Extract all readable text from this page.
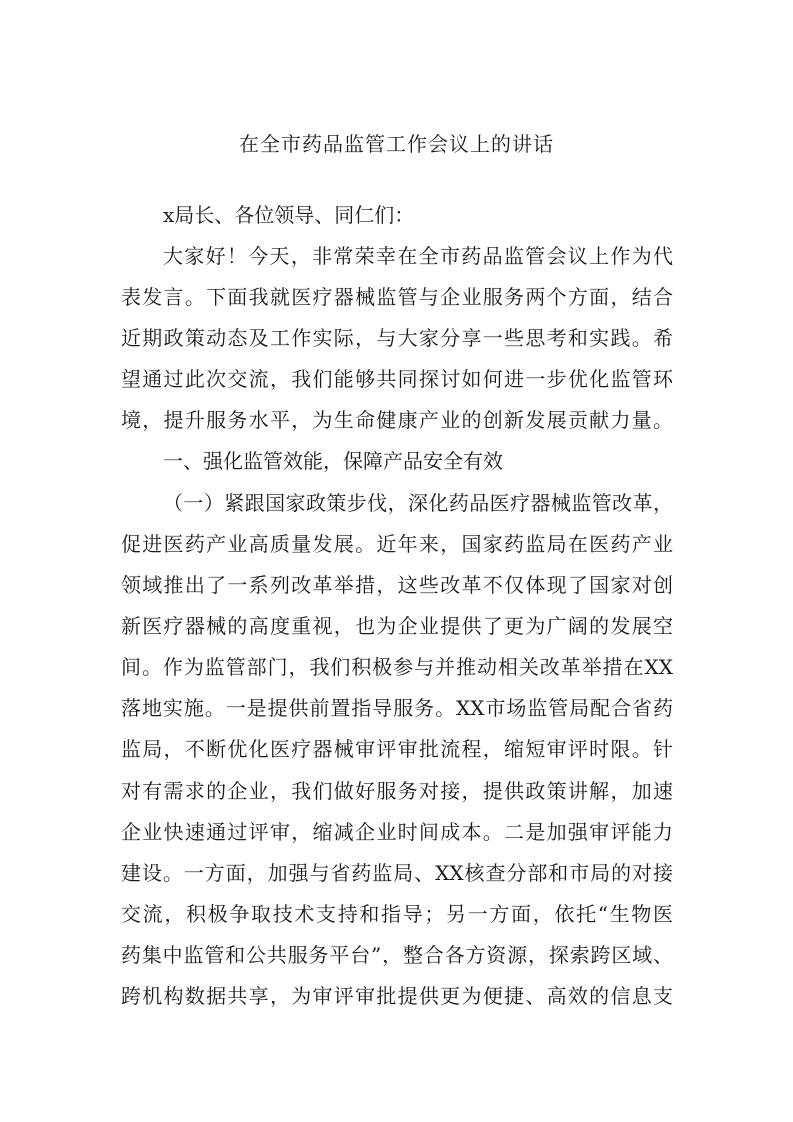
在全市药品监管工作会议上的讲话
x局长、各位领导、同仁们：
大家好！今天，非常荣幸在全市药品监管会议上作为代
表发言。下面我就医疗器械监管与企业服务两个方面，结合
近期政策动态及工作实际，与大家分享一些思考和实践。希
望通过此次交流，我们能够共同探讨如何进一步优化监管环
境，提升服务水平，为生命健康产业的创新发展贡献力量。
一、强化监管效能，保障产品安全有效
（一）紧跟国家政策步伐，深化药品医疗器械监管改革，
促进医药产业高质量发展。近年来，国家药监局在医药产业
领域推出了一系列改革举措，这些改革不仅体现了国家对创
新医疗器械的高度重视，也为企业提供了更为广阔的发展空
间。作为监管部门，我们积极参与并推动相关改革举措在XX
落地实施。一是提供前置指导服务。XX市场监管局配合省药
监局，不断优化医疗器械审评审批流程，缩短审评时限。针
对有需求的企业，我们做好服务对接，提供政策讲解，加速
企业快速通过评审，缩减企业时间成本。二是加强审评能力
建设。一方面，加强与省药监局、XX核查分部和市局的对接
交流，积极争取技术支持和指导；另一方面，依托“生物医
药集中监管和公共服务平台”，整合各方资源，探索跨区域、
跨机构数据共享，为审评审批提供更为便捷、高效的信息支
